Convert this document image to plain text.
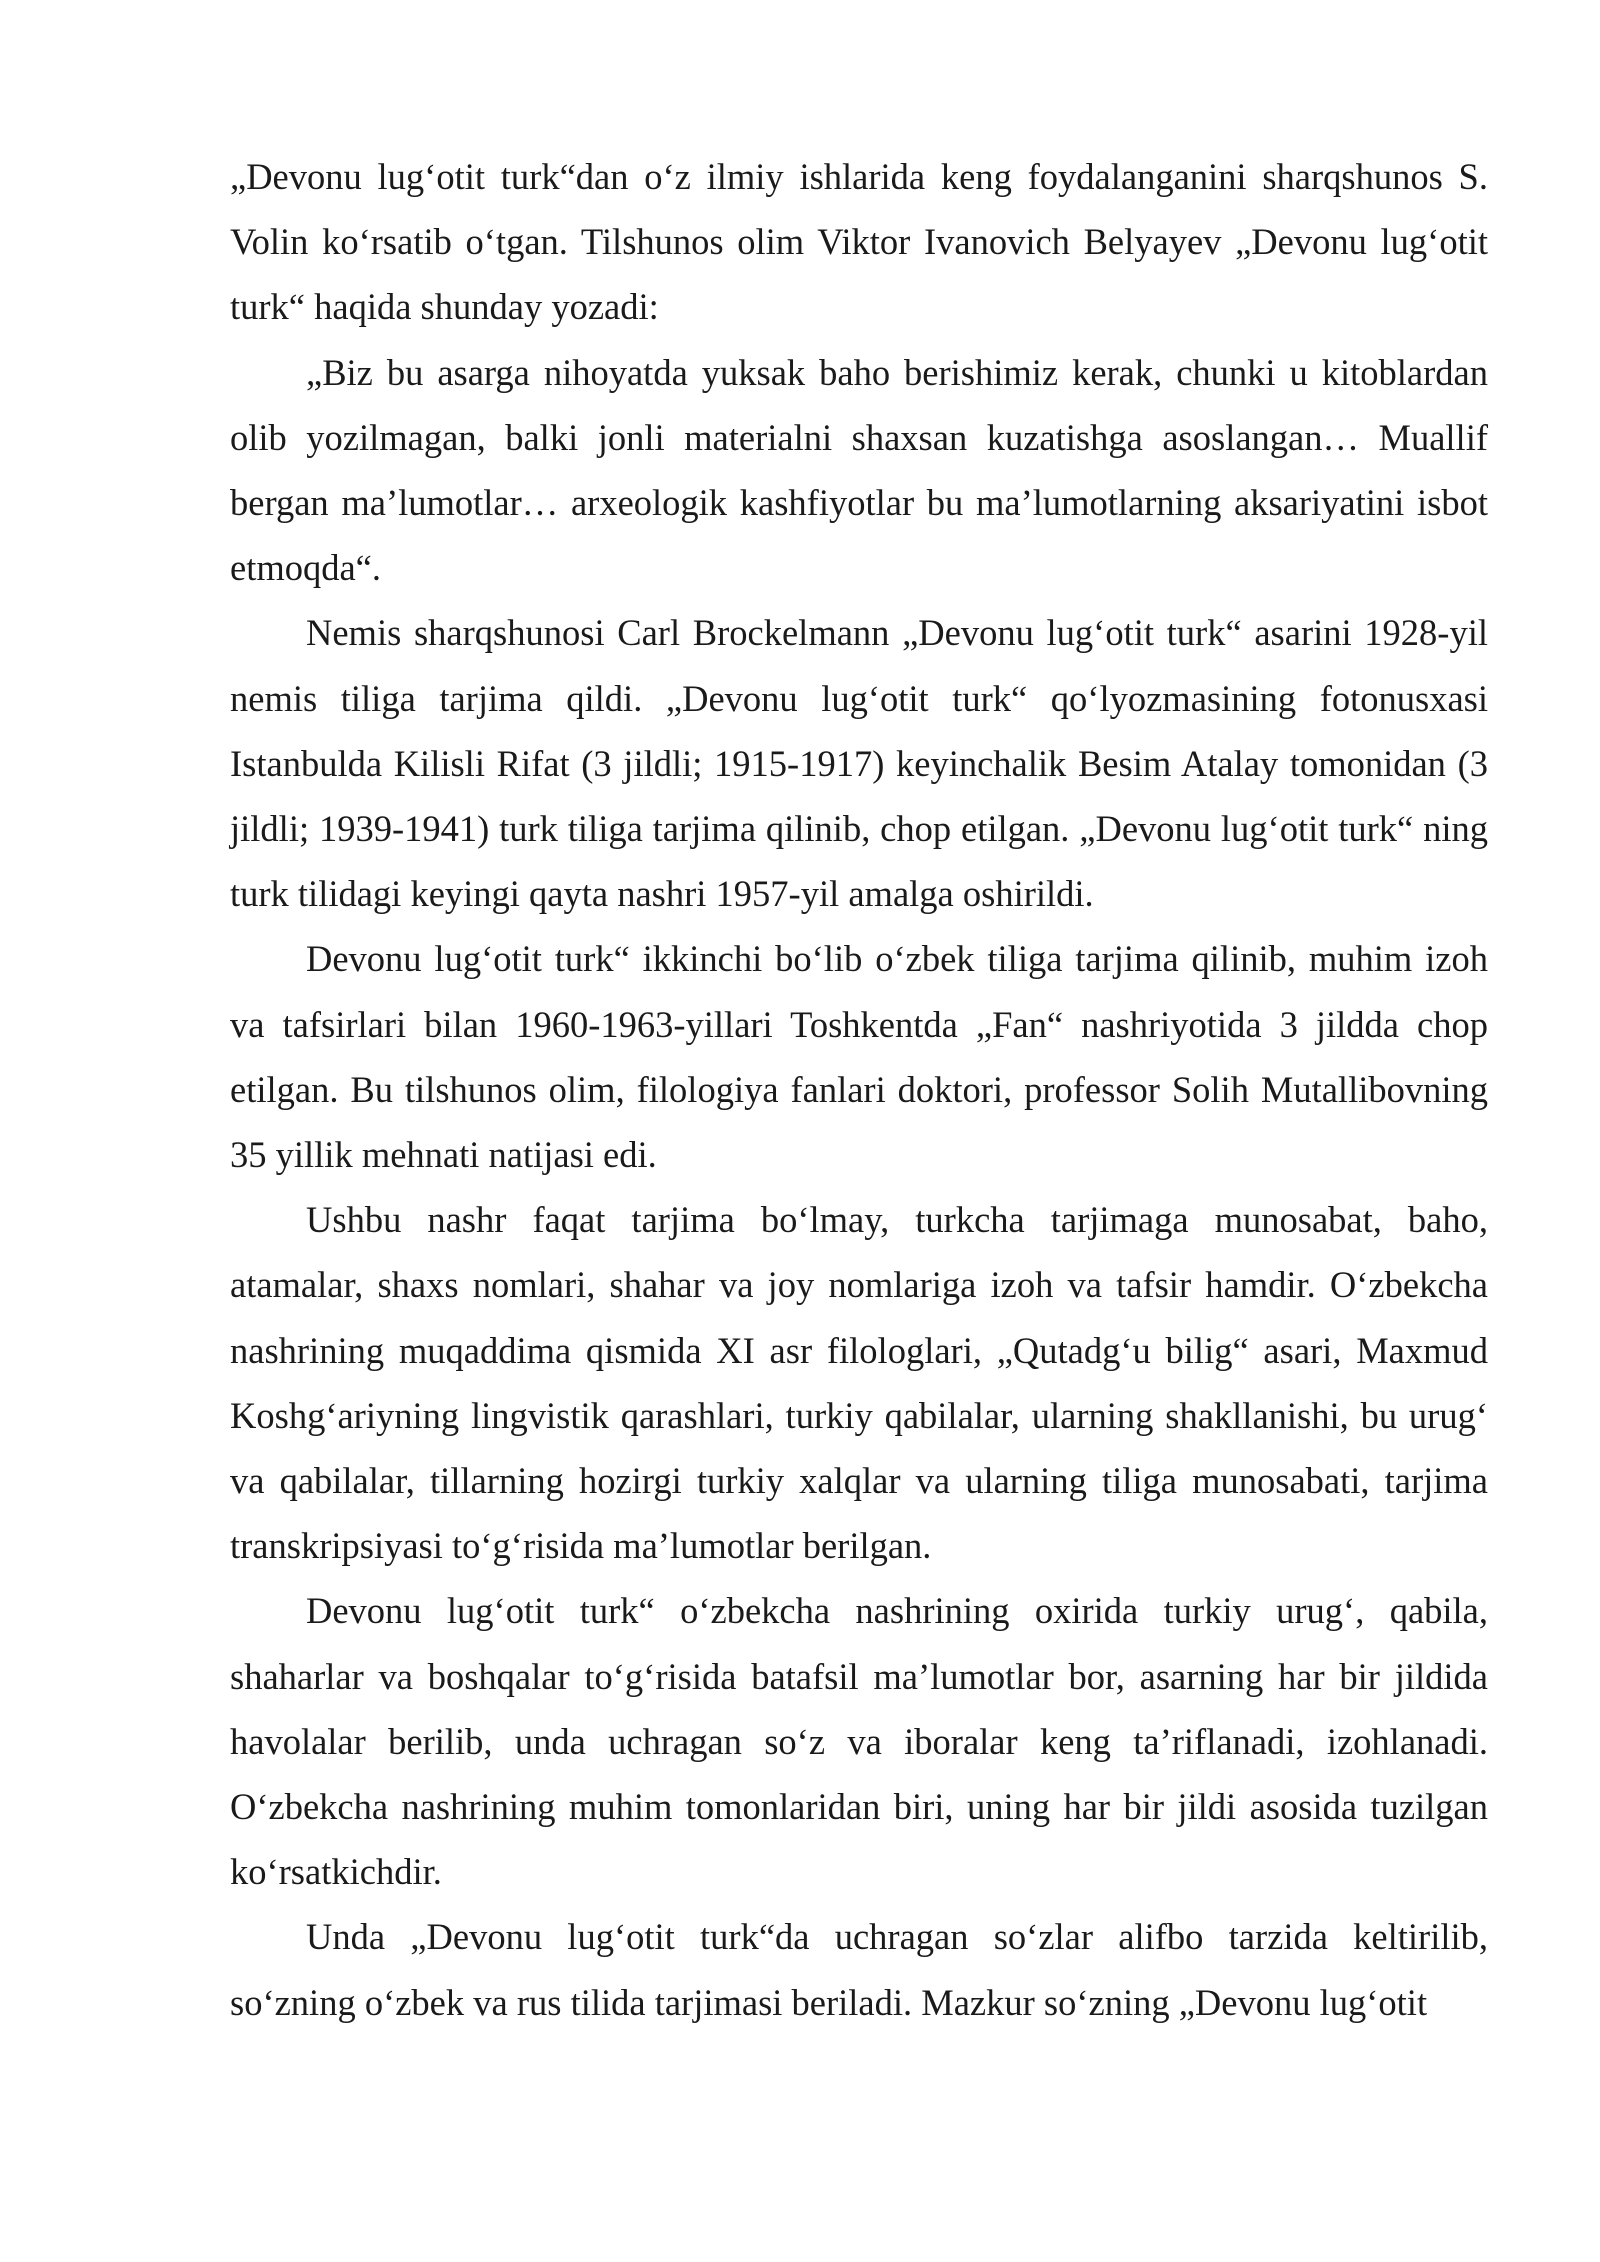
„Devonu lugʻotit turk“dan oʻz ilmiy ishlarida keng foydalanganini sharqshunos S. Volin koʻrsatib oʻtgan. Tilshunos olim Viktor Ivanovich Belyayev „Devonu lugʻotit turk“ haqida shunday yozadi:

„Biz bu asarga nihoyatda yuksak baho berishimiz kerak, chunki u kitoblardan olib yozilmagan, balki jonli materialni shaxsan kuzatishga asoslangan… Muallif bergan maʼlumotlar… arxeologik kashfiyotlar bu maʼlumotlarning aksariyatini isbot etmoqda“.

Nemis sharqshunosi Carl Brockelmann „Devonu lugʻotit turk“ asarini 1928-yil nemis tiliga tarjima qildi. „Devonu lugʻotit turk“ qoʻlyozmasining fotonusxasi Istanbulda Kilisli Rifat (3 jildli; 1915-1917) keyinchalik Besim Atalay tomonidan (3 jildli; 1939-1941) turk tiliga tarjima qilinib, chop etilgan. „Devonu lugʻotit turk“ ning turk tilidagi keyingi qayta nashri 1957-yil amalga oshirildi.

Devonu lugʻotit turk“ ikkinchi boʻlib oʻzbek tiliga tarjima qilinib, muhim izoh va tafsirlari bilan 1960-1963-yillari Toshkentda „Fan“ nashriyotida 3 jildda chop etilgan. Bu tilshunos olim, filologiya fanlari doktori, professor Solih Mutallibovning 35 yillik mehnati natijasi edi.

Ushbu nashr faqat tarjima boʻlmay, turkcha tarjimaga munosabat, baho, atamalar, shaxs nomlari, shahar va joy nomlariga izoh va tafsir hamdir. Oʻzbekcha nashrining muqaddima qismida XI asr filologlari, „Qutadgʻu bilig“ asari, Maxmud Koshgʻariyning lingvistik qarashlari, turkiy qabilalar, ularning shakllanishi, bu urugʻ va qabilalar, tillarning hozirgi turkiy xalqlar va ularning tiliga munosabati, tarjima transkripsiyasi toʻgʻrisida maʼlumotlar berilgan.

Devonu lugʻotit turk“ oʻzbekcha nashrining oxirida turkiy urugʻ, qabila, shaharlar va boshqalar toʻgʻrisida batafsil maʼlumotlar bor, asarning har bir jildida havolalar berilib, unda uchragan soʻz va iboralar keng taʼriflanadi, izohlanadi. Oʻzbekcha nashrining muhim tomonlaridan biri, uning har bir jildi asosida tuzilgan koʻrsatkichdir.

Unda „Devonu lugʻotit turk“da uchragan soʻzlar alifbo tarzida keltirilib, soʻzning oʻzbek va rus tilida tarjimasi beriladi. Mazkur soʻzning „Devonu lugʻotit
